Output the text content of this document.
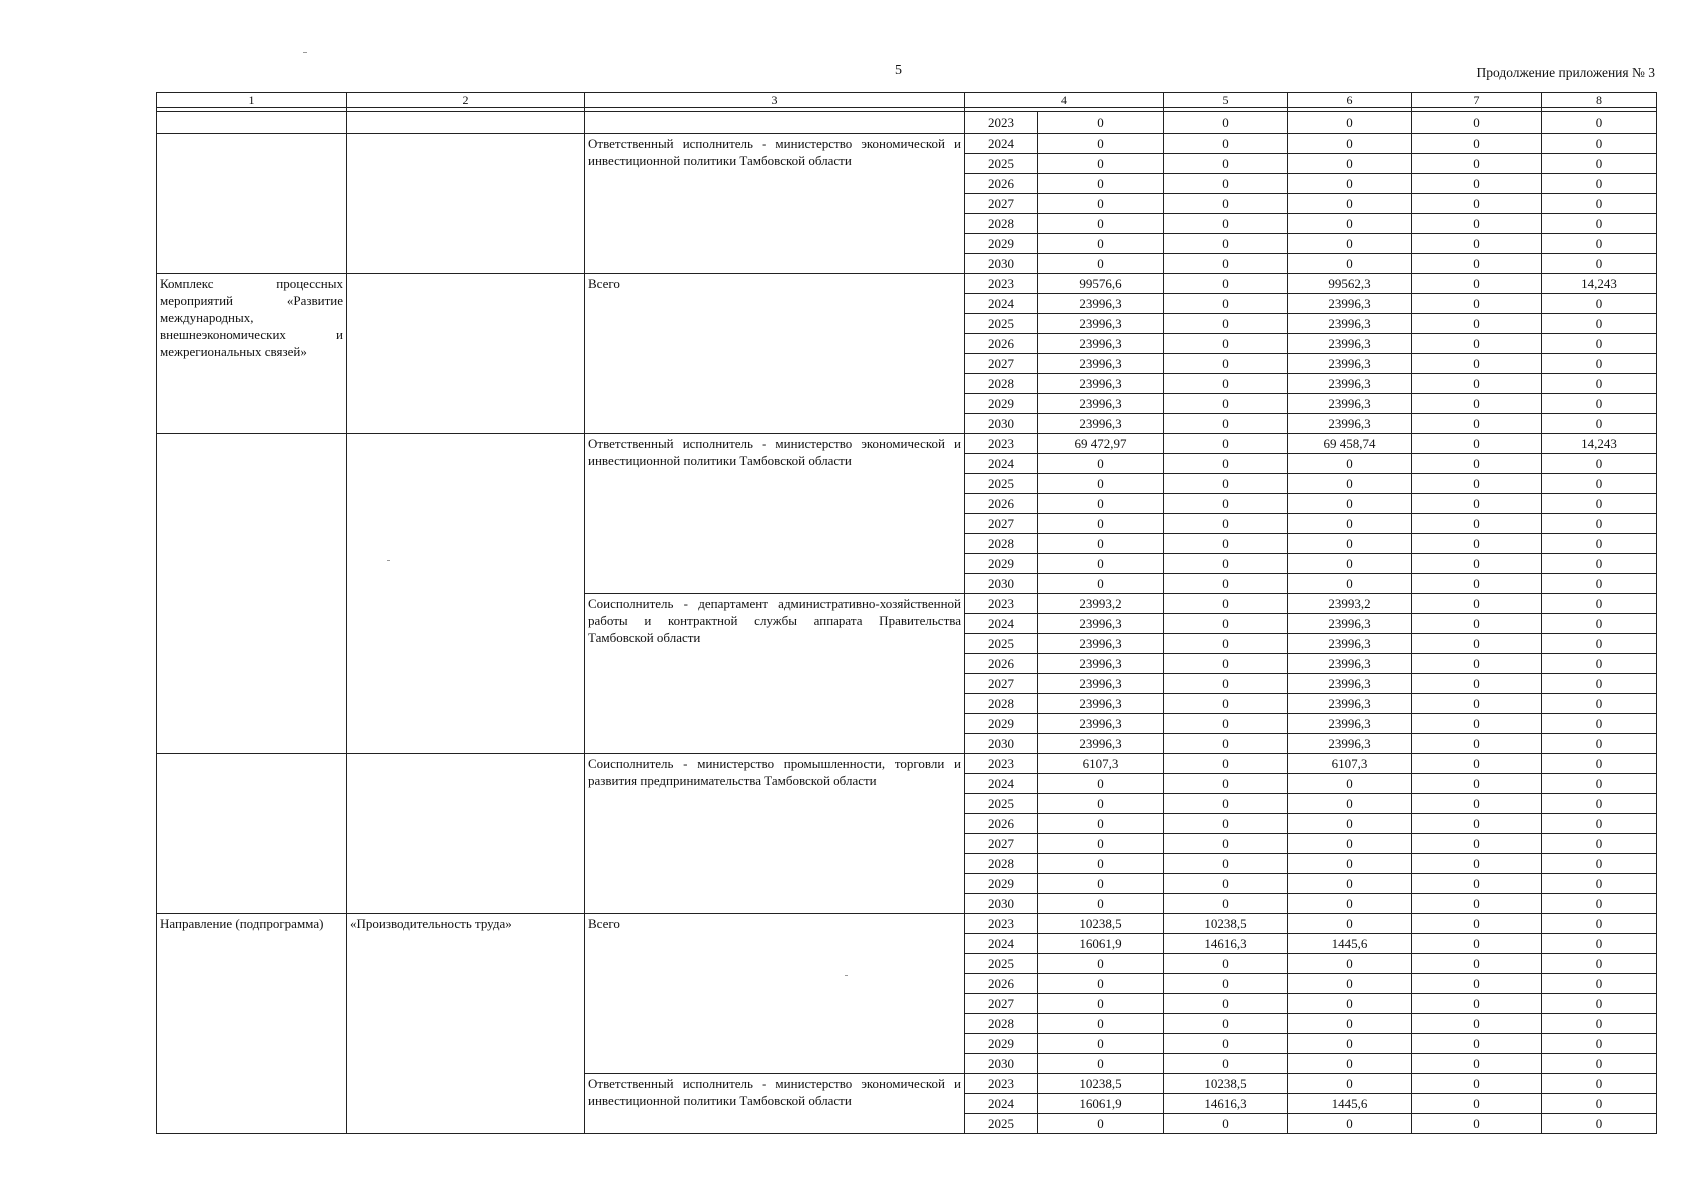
5	Продолжение приложения № 3
1	2	3	4		5	6	7	8

			2023	0	0	0	0	0
		Ответственный исполнитель - министерство экономической и инвестиционной политики Тамбовской области	2024	0	0	0	0	0
			2025	0	0	0	0	0
			2026	0	0	0	0	0
			2027	0	0	0	0	0
			2028	0	0	0	0	0
			2029	0	0	0	0	0
			2030	0	0	0	0	0
Комплекс процессных мероприятий «Развитие международных, внешнеэкономических и межрегиональных связей»		Всего	2023	99576,6	0	99562,3	0	14,243
			2024	23996,3	0	23996,3	0	0
			2025	23996,3	0	23996,3	0	0
			2026	23996,3	0	23996,3	0	0
			2027	23996,3	0	23996,3	0	0
			2028	23996,3	0	23996,3	0	0
			2029	23996,3	0	23996,3	0	0
			2030	23996,3	0	23996,3	0	0
		Ответственный исполнитель - министерство экономической и инвестиционной политики Тамбовской области	2023	69 472,97	0	69 458,74	0	14,243
			2024	0	0	0	0	0
			2025	0	0	0	0	0
			2026	0	0	0	0	0
			2027	0	0	0	0	0
			2028	0	0	0	0	0
			2029	0	0	0	0	0
			2030	0	0	0	0	0
		Соисполнитель - департамент административно-хозяйственной работы и контрактной службы аппарата Правительства Тамбовской области	2023	23993,2	0	23993,2	0	0
			2024	23996,3	0	23996,3	0	0
			2025	23996,3	0	23996,3	0	0
			2026	23996,3	0	23996,3	0	0
			2027	23996,3	0	23996,3	0	0
			2028	23996,3	0	23996,3	0	0
			2029	23996,3	0	23996,3	0	0
			2030	23996,3	0	23996,3	0	0
		Соисполнитель - министерство промышленности, торговли и развития предпринимательства Тамбовской области	2023	6107,3	0	6107,3	0	0
			2024	0	0	0	0	0
			2025	0	0	0	0	0
			2026	0	0	0	0	0
			2027	0	0	0	0	0
			2028	0	0	0	0	0
			2029	0	0	0	0	0
			2030	0	0	0	0	0
Направление (подпрограмма)	«Производительность труда»	Всего	2023	10238,5	10238,5	0	0	0
			2024	16061,9	14616,3	1445,6	0	0
			2025	0	0	0	0	0
			2026	0	0	0	0	0
			2027	0	0	0	0	0
			2028	0	0	0	0	0
			2029	0	0	0	0	0
			2030	0	0	0	0	0
		Ответственный исполнитель - министерство экономической и инвестиционной политики Тамбовской области	2023	10238,5	10238,5	0	0	0
			2024	16061,9	14616,3	1445,6	0	0
			2025	0	0	0	0	0
